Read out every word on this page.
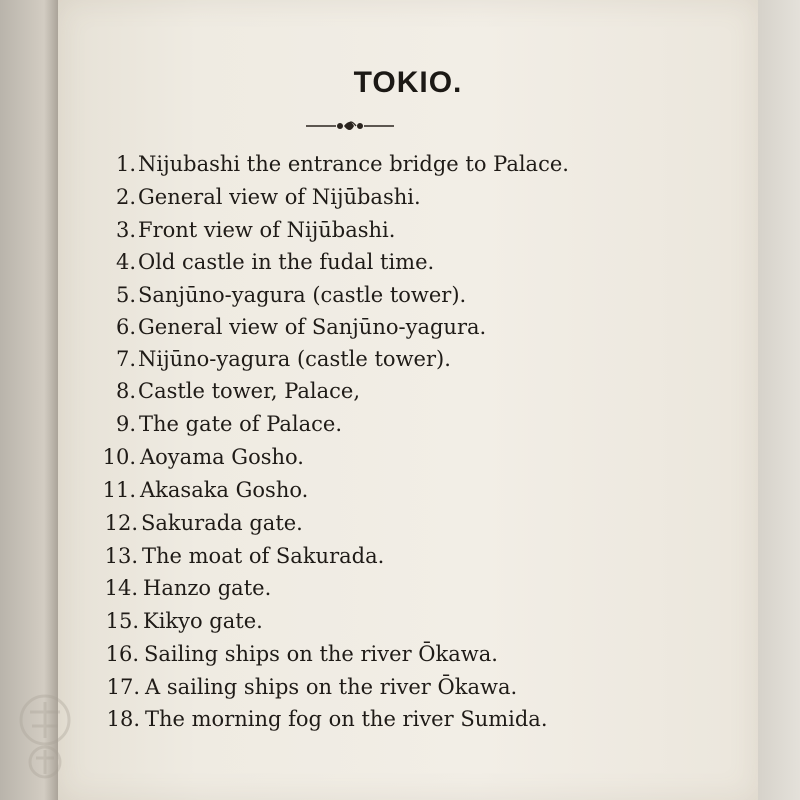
TOKIO.
1. Nijubashi the entrance bridge to Palace.
2. General view of Nijūbashi.
3. Front view of Nijūbashi.
4. Old castle in the fudal time.
5. Sanjūno-yagura (castle tower).
6. General view of Sanjūno-yagura.
7. Nijūno-yagura (castle tower).
8. Castle tower, Palace,
9. The gate of Palace.
10. Aoyama Gosho.
11. Akasaka Gosho.
12. Sakurada gate.
13. The moat of Sakurada.
14. Hanzo gate.
15. Kikyo gate.
16. Sailing ships on the river Ōkawa.
17. A sailing ships on the river Ōkawa.
18. The morning fog on the river Sumida.
